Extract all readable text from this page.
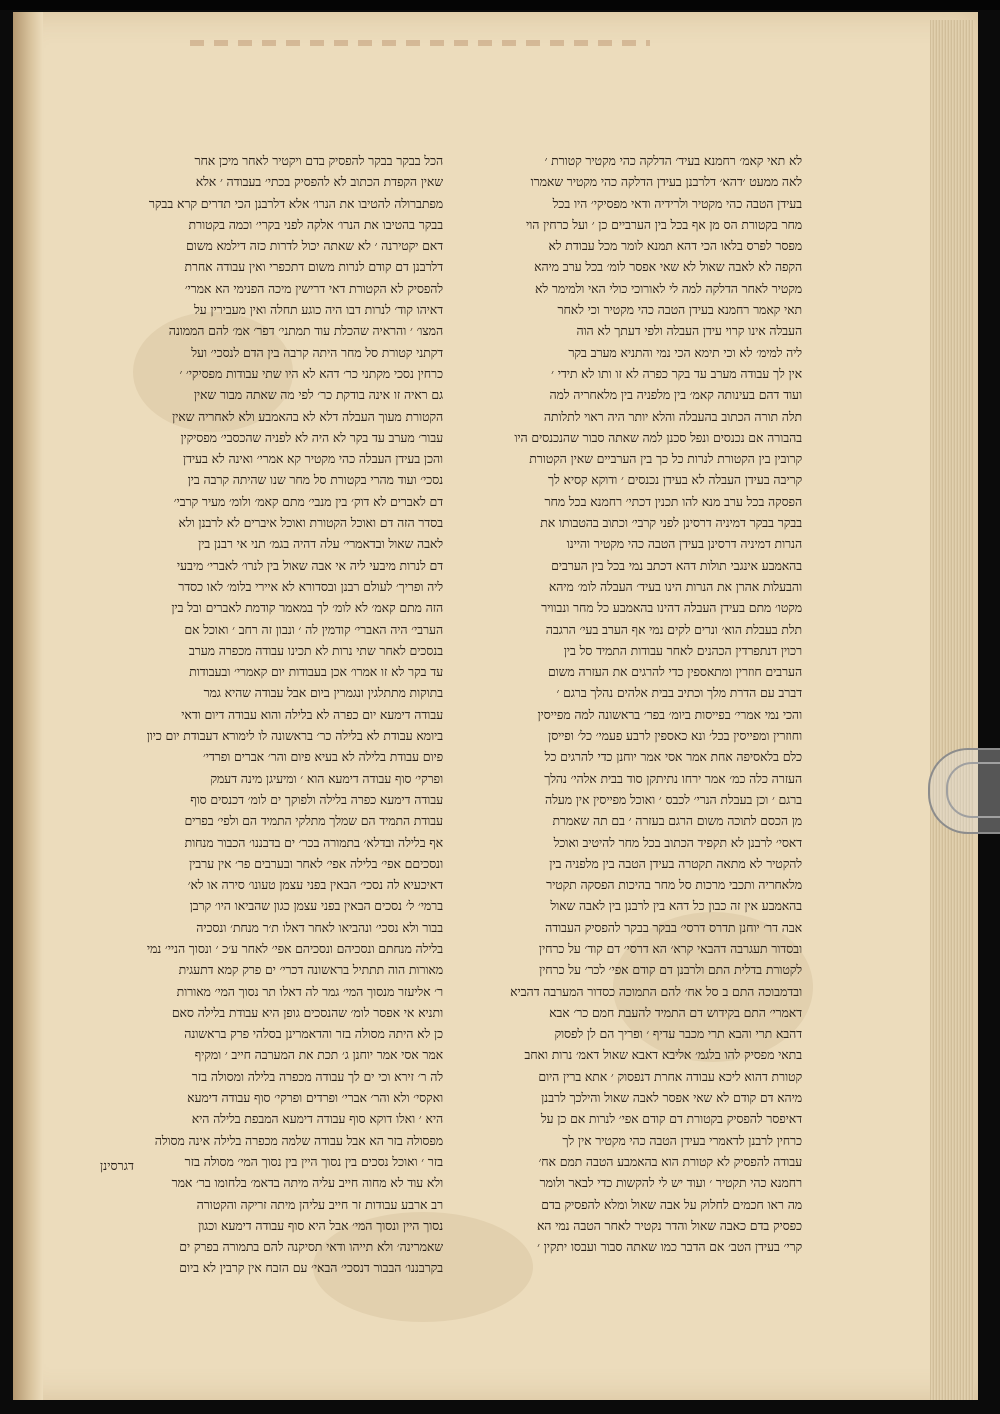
לא תאי קאמ׳ רחמנא בעיד׳ הדלקה כהי מקטיר קטורת ׳
לאה ממעט ׳דהא׳ דלרבנן בעידן הדלקה כהי מקטיר שאמרו
בעידן הטבה כהי מקטיר ולרידיה ודאי מפסיקי׳ היו בכל
מחר בקטורת הס מן אף בכל בין הערביים כן ׳ ועל כרחין הוי
מפסר לפרס בלאו הכי דהא תמנא לומר מכל עבודת לא
הקפה לא לאבה שאול לא שאי אפסר לומ׳ בכל ערב מיהא
מקטיר לאחר הדלקה למה לי לאורוכי כולי האי ולמימר לא
תאי קאמר רחמנא בעידן הטבה כהי מקטיר וכי לאחר
העבלה אינו קרוי עידן העבלה ולפי דעתך לא הוה
ליה למימ׳ לא וכי תימא הכי נמי והתניא מערב בקר
אין לך עבודה מערב עד בקר כפרה לא זו ותו לא תידי ׳
ועוד דהם בעינותה קאמ׳ בין מלפניה בין מלאחריה למה
תלה תורה הכתוב בהעבלה והלא יותר היה ראוי לתלותה
בהבורה אם נכנסים ונפל סכנן למה שאתה סבור שהנכנסים היו
קרובין בין הקטורת לנרות כל כך בין הערביים שאין הקטורת
קריבה בעידן העבלה לא בעידן נכנסים ׳ ודוקא קסיא לך
הפסקה בכל ערב מנא להו תכנין דכתי׳ רחמנא בכל מחר
בבקר בבקר דמיניה דרסינן לפני קרבי׳ וכתוב בהטבותו את
הנרות דמיניה דרסינן בעידן הטבה כהי מקטיר והיינו
בהאמבע אינגבי תולות דהא דכתב נמי בכל בין הערבים
והבעלות אהרן את הנרות הינו בעיד׳ העבלה לומ׳ מיהא
מקטו׳ מתם בעידן העבלה דהינו בהאמבע כל מחר ונבוויר
תלת בעבלת הוא׳ ונרים לקים נמי אף הערב בעי׳ הרגבה
רכוין דנתפרדין הכהנים לאחר עבודות התמיד סל בין
הערבים חוזרין ומתאספין כדי להרגים את העזרה משום
דברב עם הדרת מלך וכתיב בבית אלהים נהלך ברגם ׳
והכי נמי אמרי׳ בפייסות ביומ׳ בפר׳ בראשונה למה מפייסין
וחוזרין ומפייסין בכל׳ ונא כאספין לרבע פעמי׳ כל׳ ופייסן
כלם בלאסיפה אחת אמר אסי אמר יוחנן כדי להרגים כל
העזרה כלה כמ׳ אמר ירחו נתיתקן סוד בבית אלהי׳ נהלך
ברגם ׳ וכן בעבלת הנרי׳ לכבס ׳ ואוכל מפייסין אין מעלה
מן הכסם לתוכה משום הרגם בעזרה ׳ בם תה שאמרת
דאסי׳ לרבנן לא תקפיד הכתוב בכל מחר להיטיב ואוכל
להקטיר לא מתאה תקטרה בעידן הטבה בין מלפניה בין
מלאחריה ותכבי מרכות סל מחר בהיכות הפסקה תקטיר
בהאמבע אין זה כבון כל דהא בין לרבנן בין לאבה שאול
אבה דר׳ יוחנן תדרס דרסי׳ בבקר בבקר להפסיק העבודה
ובסדור תעגרבה דהבאי קרא׳ הא דרסי׳ דם קוד׳ על כרחין
לקטורת בדלית התם ולרבנן דם קודם אפי׳ לכר׳ על כרחין
ובדמבוכה התם ב סל אח׳ להם התמוכה כסדור המערבה דהביא
דאמרי׳ התם בקידוש דם התמיד להעבת חמם כר׳ אבא
דהבא תרי והבא תרי מכבר עדיף ׳ ופריך הם לן לפסוק
בתאי מפסיק להו בלגמ׳ אליבא דאבא שאול דאמ׳ נרות ואחב
קטורת דהוא ליכא עבודה אחרת דנפסוק ׳ אתא ברין היום
מיהא דם קודם לא שאי אפסר לאבה שאול והילכך לרבנן
דאיפסר להפסיק בקטורת דם קודם אפי׳ לנרות אם כן על
כרחין לרבנן לדאמרי בעידן הטבה כהי מקטיר אין לך
עבודה להפסיק לא קטורת הוא בהאמבע הטבה תמם אח׳
רחמנא כהי תקטיר ׳ ועוד יש לי להקשות כדי לבאר ולומר
מה ראו חכמים לחלוק על אבה שאול ומלא להפסיק בדם
כפסיק בדם כאבה שאול והדר נקטיר לאחר הטבה נמי הא
קרי׳ בעידן הטב׳ אם הדבר כמו שאתה סבור ועבסו יתקין ׳
הכל בבקר בבקר להפסיק בדם ויקטיר לאחר מיכן אחר
שאין הקפדת הכתוב לא להפסיק בכתי׳ בעבודה ׳ אלא
מפתברולה להטיבו את הנרו׳ אלא דלרבנן הכי תדרים קרא בבקר
בבקר בהטיבו את הנרו׳ אלקה לפני בקרי׳ וכמה בקטורת
דאם יקטירנה ׳ לא שאתה יכול לדרות כזה דילמא משום
דלרבנן דם קודם לנרות משום דתכפרי ואין עבודה אחרת
להפסיק לא הקטורת דאי דרישין מיכה הפנימי הא אמרי׳
דאיהו קוד׳ לנרות דבו היה כוגע תחלה ואין מעבירין על
המצו׳ ׳ והראיה שהכלת עוד תמתני׳ דפר׳ אמ׳ להם הממונה
דקתני קטורת סל מחר היתה קרבה בין הדם לנסכי׳ ועל
כרחין נסכי מקתני כר׳ דהא לא היו שתי עבודות מפסיקי׳ ׳
גם ראיה זו אינה בודקת כר׳ לפי מה שאתה מבור שאין
הקטורת מעוך העבלה דלא לא בהאמבע ולא לאחריה שאין
עבור׳ מערב עד בקר לא היה לא לפניה שהכסבי׳ מפסיקין
והכן בעידן העבלה כהי מקטיר קא אמרי׳ ואינה לא בעידן
נסכי׳ ועוד מהרי בקטורת סל מחר שנו שהיתה קרבה בין
דם לאברים לא דוק׳ בין מנבי׳ מתם קאמ׳ ולומ׳ מעיר קרבי׳
בסדר הזה דם ואוכל הקטורת ואוכל איברים לא לרבנן ולא
לאבה שאול ובדאמרי׳ עלה דהיה בגמ׳ תני אי רבנן בין
דם לנרות מיבעי ליה אי אבה שאול בין לנרו׳ לאברי׳ מיבעי
ליה ופריך׳ לעולם רבנן ובסדורא לא איירי בלומ׳ לאו כסדר
הזה מתם קאמ׳ לא לומ׳ לך במאמר קודמת לאברים ובל בין
הערבי׳ היה האברי׳ קודמין לה ׳ ונבון זה רחב ׳ ואוכל אם
בנסכים לאחר שתי נרות לא תכינו עבודה מכפרה מערב
עד בקר לא זו אמרו׳ אכן בעבודות יום קאמרי׳ ובעבודות
בתוקות מתתלגין ונגמרין ביום אבל עבודה שהיא גמר
עבודה דימעא יום כפרה לא בלילה והוא עבודה דיום ודאי
ביומא עבודת לא בלילה כר׳ בראשונה לו לימורא דעבודת יום כיון
פיום עבודת בלילה לא בעיא פיום והר׳ אברים ופרדי׳
ופרקי׳ סוף עבודה דימעא הוא ׳ ומיעיגן מינה דעמק
עבודה דימעא כפרה בלילה ולפוקך ים לומ׳ דכנסים סוף
עבודת התמיד הם שמלך מתלקי התמיד הם ולפי׳ בפרים
אף בלילה ובדלא׳ בתמורה בכר׳ ים בדבננו׳ הכבור מנחות
ונסכיםם אפי׳ בלילה אפי׳ לאחר ובערבים פר׳ אין ערבין
דאיכעיא לה נסכי׳ הבאין בפני עצמן טעונו׳ סירה או לא׳
ברמי׳ ל׳ נסכים הבאין בפני עצמן כגון שהביאו היו׳ קרבן
בבור ולא נסכי׳ ונהביאו לאחר דאלו ת׳ר מנחת׳ ונסכיה
בלילה מנחתם ונסכיהם ונסכיהם אפי׳ לאחר ע׳כ ׳ ונסוך הניי׳ נמי
מאורות הוה תתתיל בראשונה דכרי׳ ים פרק קמא דתעגית
ר׳ אליעזר מנסוך המי׳ גמר לה דאלו תר נסוך המי׳ מאורות
ותניא אי אפסר לומ׳ שהנסכים גופן היא עבודת בלילה סאם
כן לא היתה מסולה בזר והדאמרינן בסלהי פרק בראשונה
אמר אסי אמר יוחנן ג׳ תכת את המערבה חייב ׳ ומקיף
לה ר׳ זירא וכי ים לך עבודה מכפרה בלילה ומסולה בזר
ואקסי׳ ולא והר׳ אברי׳ ופרדים ופרקי׳ סוף עבודה דימעא
היא ׳ ואלו דוקא סוף עבודה דימעא המבפת בלילה היא
מפסולה בזר הא אבל עבודה שלמה מכפרה בלילה אינה מסולה
בזר ׳ ואוכל נסכים בין נסוך היין בין נסוך המי׳ מסולה בזר
ולא עוד לא מחוה חייב עליה מיתה בדאמ׳ בלחומו בר׳ אמר
רב ארבע עבודות זר חייב עליהן מיתה זריקה והקטורה
נסוך היין ונסוך המי׳ אבל היא סוף עבודה דימעא וכגון
שאמרינה׳ ולא תייהו ודאי תסיקנה להם בתמורה בפרק ים
בקרבננו׳ הבבור דנסכי׳ הבאי׳ עם הזבח אין קרבין לא ביום
דגרסינן
